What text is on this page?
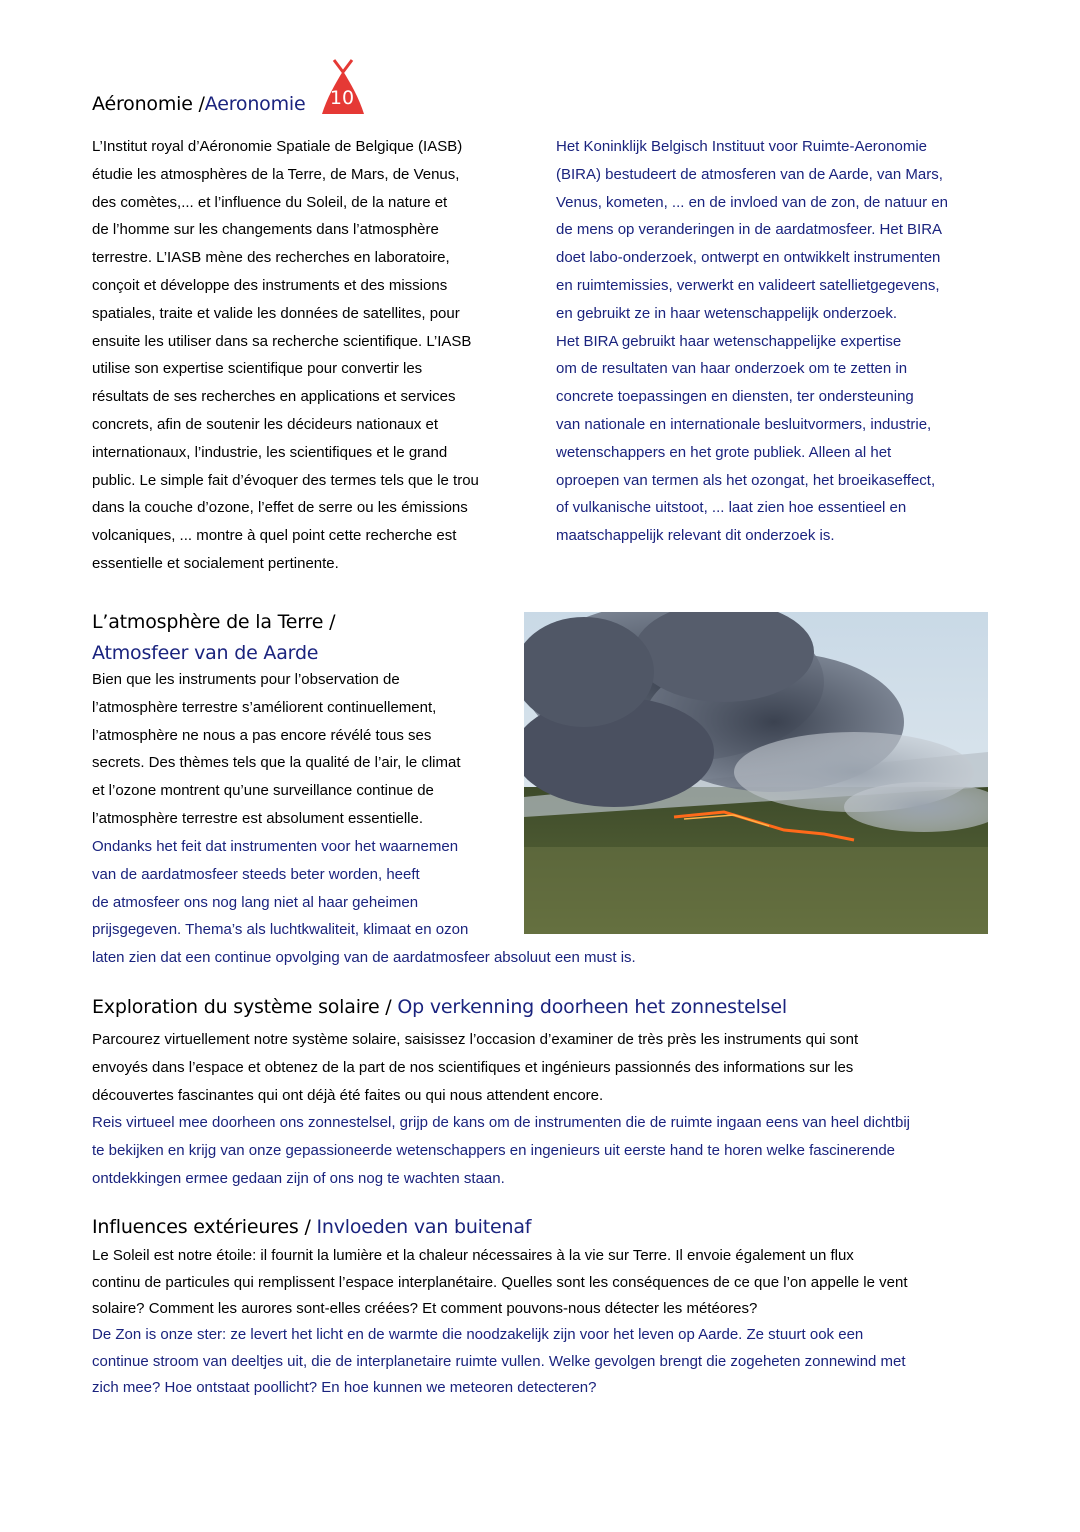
Aéronomie /Aeronomie 10
L’Institut royal d’Aéronomie Spatiale de Belgique (IASB)
étudie les atmosphères de la Terre, de Mars, de Venus,
des comètes,... et l’influence du Soleil, de la nature et
de l’homme sur les changements dans l’atmosphère
terrestre. L’IASB mène des recherches en laboratoire,
conçoit et développe des instruments et des missions
spatiales, traite et valide les données de satellites, pour
ensuite les utiliser dans sa recherche scientifique. L’IASB
utilise son expertise scientifique pour convertir les
résultats de ses recherches en applications et services
concrets, afin de soutenir les décideurs nationaux et
internationaux, l’industrie, les scientifiques et le grand
public. Le simple fait d’évoquer des termes tels que le trou
dans la couche d’ozone, l’effet de serre ou les émissions
volcaniques, ... montre à quel point cette recherche est
essentielle et socialement pertinente.
Het Koninklijk Belgisch Instituut voor Ruimte-Aeronomie
(BIRA) bestudeert de atmosferen van de Aarde, van Mars,
Venus, kometen, ... en de invloed van de zon, de natuur en
de mens op veranderingen in de aardatmosfeer. Het BIRA
doet labo-onderzoek, ontwerpt en ontwikkelt instrumenten
en ruimtemissies, verwerkt en valideert satellietgegevens,
en gebruikt ze in haar wetenschappelijk onderzoek.
Het BIRA gebruikt haar wetenschappelijke expertise
om de resultaten van haar onderzoek om te zetten in
concrete toepassingen en diensten, ter ondersteuning
van nationale en internationale besluitvormers, industrie,
wetenschappers en het grote publiek. Alleen al het
oproepen van termen als het ozongat, het broeikaseffect,
of vulkanische uitstoot, ... laat zien hoe essentieel en
maatschappelijk relevant dit onderzoek is.
L’atmosphère de la Terre /
Atmosfeer van de Aarde
Bien que les instruments pour l’observation de
l’atmosphère terrestre s’améliorent continuellement,
l’atmosphère ne nous a pas encore révélé tous ses
secrets. Des thèmes tels que la qualité de l’air, le climat
et l’ozone montrent qu’une surveillance continue de
l’atmosphère terrestre est absolument essentielle.
Ondanks het feit dat instrumenten voor het waarnemen
van de aardatmosfeer steeds beter worden, heeft
de atmosfeer ons nog lang niet al haar geheimen
prijsgegeven. Thema’s als luchtkwaliteit, klimaat en ozon
laten zien dat een continue opvolging van de aardatmosfeer absoluut een must is.
Exploration du système solaire / Op verkenning doorheen het zonnestelsel
Parcourez virtuellement notre système solaire, saisissez l’occasion d’examiner de très près les instruments qui sont
envoyés dans l’espace et obtenez de la part de nos scientifiques et ingénieurs passionnés des informations sur les
découvertes fascinantes qui ont déjà été faites ou qui nous attendent encore.
Reis virtueel mee doorheen ons zonnestelsel, grijp de kans om de instrumenten die de ruimte ingaan eens van heel dichtbij
te bekijken en krijg van onze gepassioneerde wetenschappers en ingenieurs uit eerste hand te horen welke fascinerende
ontdekkingen ermee gedaan zijn of ons nog te wachten staan.
Influences extérieures / Invloeden van buitenaf
Le Soleil est notre étoile: il fournit la lumière et la chaleur nécessaires à la vie sur Terre. Il envoie également un flux
continu de particules qui remplissent l’espace interplanétaire. Quelles sont les conséquences de ce que l’on appelle le vent
solaire? Comment les aurores sont-elles créées? Et comment pouvons-nous détecter les météores?
De Zon is onze ster: ze levert het licht en de warmte die noodzakelijk zijn voor het leven op Aarde. Ze stuurt ook een
continue stroom van deeltjes uit, die de interplanetaire ruimte vullen. Welke gevolgen brengt die zogeheten zonnewind met
zich mee? Hoe ontstaat poollicht? En hoe kunnen we meteoren detecteren?
